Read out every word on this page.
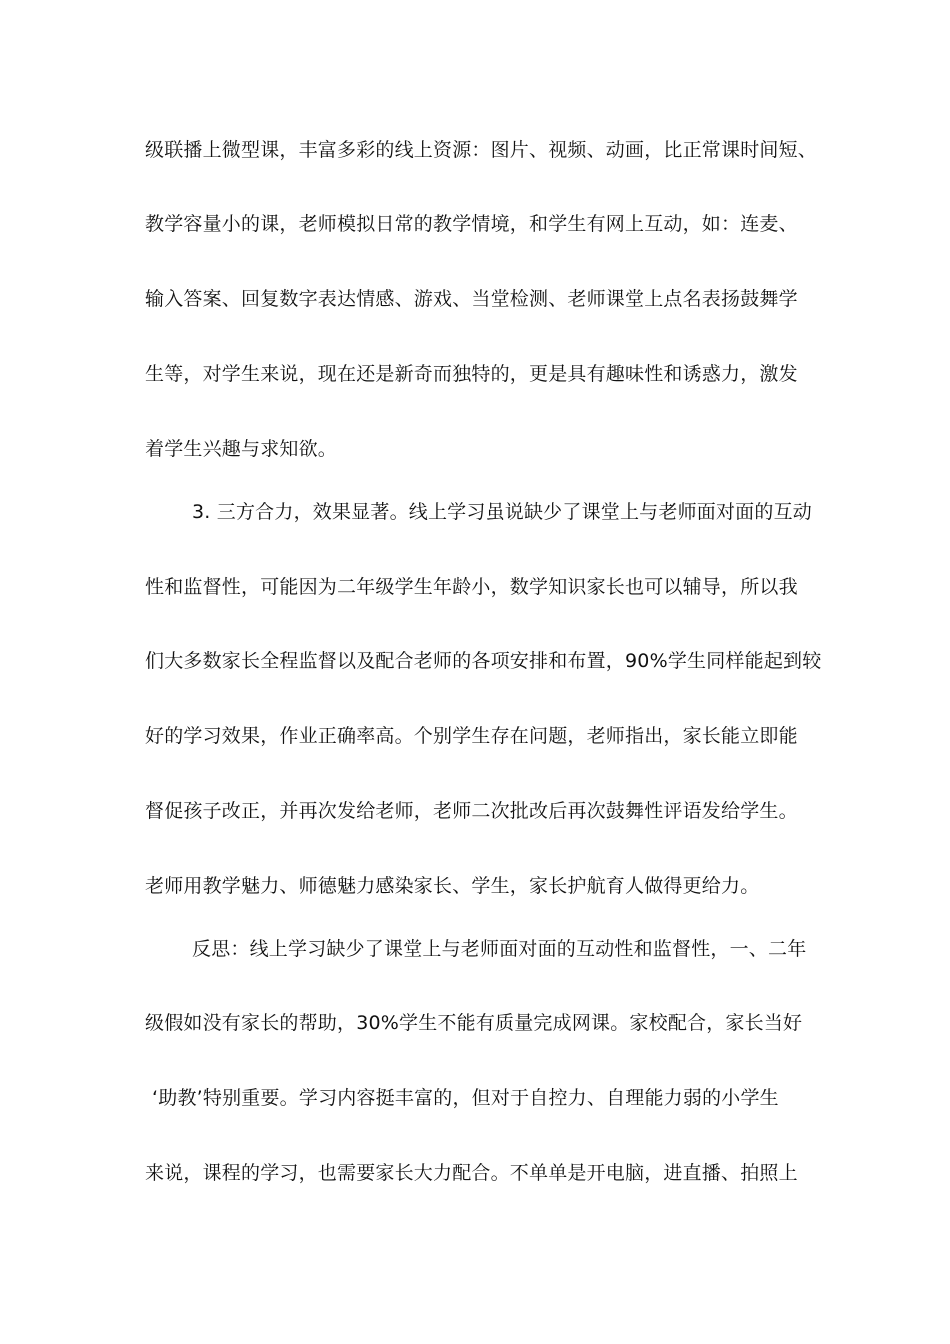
级联播上微型课，丰富多彩的线上资源：图片、视频、动画，比正常课时间短、
教学容量小的课，老师模拟日常的教学情境，和学生有网上互动，如：连麦、
输入答案、回复数字表达情感、游戏、当堂检测、老师课堂上点名表扬鼓舞学
生等，对学生来说，现在还是新奇而独特的，更是具有趣味性和诱惑力，激发
着学生兴趣与求知欲。
3. 三方合力，效果显著。线上学习虽说缺少了课堂上与老师面对面的互动
性和监督性，可能因为二年级学生年龄小，数学知识家长也可以辅导，所以我
们大多数家长全程监督以及配合老师的各项安排和布置，90%学生同样能起到较
好的学习效果，作业正确率高。个别学生存在问题，老师指出，家长能立即能
督促孩子改正，并再次发给老师，老师二次批改后再次鼓舞性评语发给学生。
老师用教学魅力、师德魅力感染家长、学生，家长护航育人做得更给力。
反思：线上学习缺少了课堂上与老师面对面的互动性和监督性，一、二年
级假如没有家长的帮助，30%学生不能有质量完成网课。家校配合，家长当好
‘助教’特别重要。学习内容挺丰富的，但对于自控力、自理能力弱的小学生
来说，课程的学习，也需要家长大力配合。不单单是开电脑，进直播、拍照上
